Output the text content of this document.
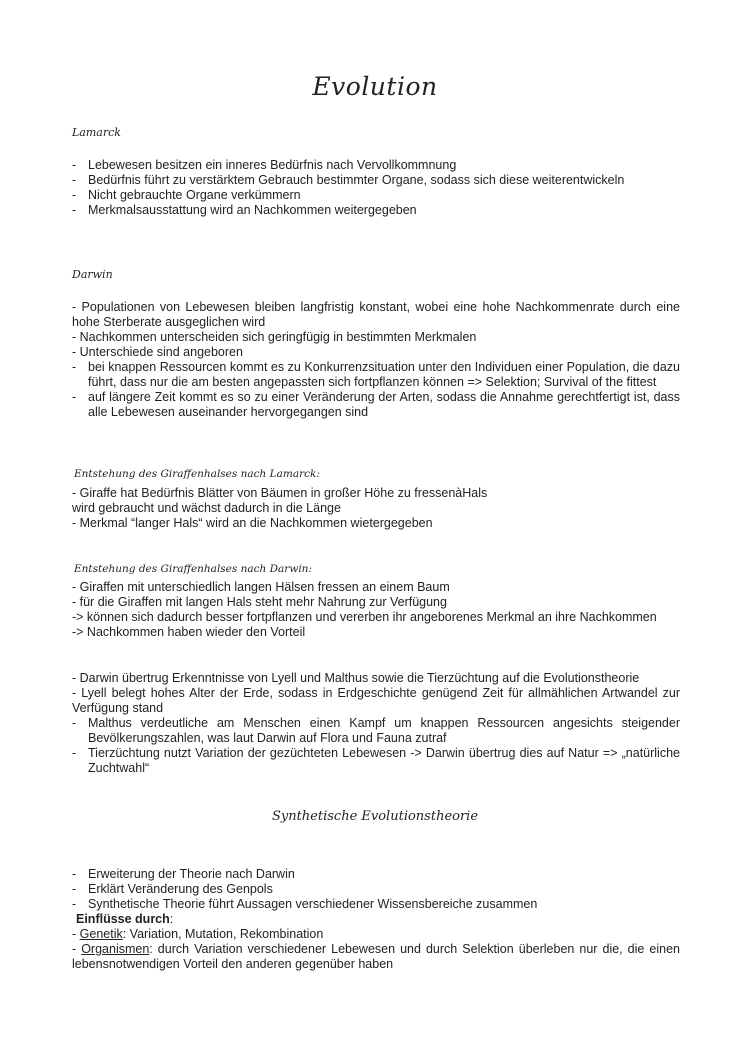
Evolution
Lamarck
- Lebewesen besitzen ein inneres Bedürfnis nach Vervollkommnung
- Bedürfnis führt zu verstärktem Gebrauch bestimmter Organe, sodass sich diese weiterentwickeln
- Nicht gebrauchte Organe verkümmern
- Merkmalsausstattung wird an Nachkommen weitergegeben
Darwin

- Populationen von Lebewesen bleiben langfristig konstant, wobei eine hohe Nachkommenrate durch eine hohe Sterberate ausgeglichen wird

- Nachkommen unterscheiden sich geringfügig in bestimmten Merkmalen

- Unterschiede sind angeboren

- bei knappen Ressourcen kommt es zu Konkurrenzsituation unter den Individuen einer Population, die dazu führt, dass nur die am besten angepassten sich fortpflanzen können => Selektion; Survival of the fittest
- auf längere Zeit kommt es so zu einer Veränderung der Arten, sodass die Annahme gerechtfertigt ist, dass alle Lebewesen auseinander hervorgegangen sind
Entstehung des Giraffenhalses nach Lamarck:

- Giraffe hat Bedürfnis Blätter von Bäumen in großer Höhe zu fressenàHals

wird gebraucht und wächst dadurch in die Länge

- Merkmal “langer Hals“ wird an die Nachkommen wietergegeben

Entstehung des Giraffenhalses nach Darwin:

- Giraffen mit unterschiedlich langen Hälsen fressen an einem Baum

- für die Giraffen mit langen Hals steht mehr Nahrung zur Verfügung

-> können sich dadurch besser fortpflanzen und vererben ihr angeborenes Merkmal an ihre Nachkommen

-> Nachkommen haben wieder den Vorteil

- Darwin übertrug Erkenntnisse von Lyell und Malthus sowie die Tierzüchtung auf die Evolutionstheorie

- Lyell belegt hohes Alter der Erde, sodass in Erdgeschichte genügend Zeit für allmählichen Artwandel zur Verfügung stand

- Malthus verdeutliche am Menschen einen Kampf um knappen Ressourcen angesichts steigender Bevölkerungszahlen, was laut Darwin auf Flora und Fauna zutraf
- Tierzüchtung nutzt Variation der gezüchteten Lebewesen -> Darwin übertrug dies auf Natur => „natürliche Zuchtwahl“
Synthetische Evolutionstheorie
- Erweiterung der Theorie nach Darwin
- Erklärt Veränderung des Genpols
- Synthetische Theorie führt Aussagen verschiedener Wissensbereiche zusammen
Einflüsse durch:
- Genetik: Variation, Mutation, Rekombination
- Organismen: durch Variation verschiedener Lebewesen und durch Selektion überleben nur die, die einen lebensnotwendigen Vorteil den anderen gegenüber haben
